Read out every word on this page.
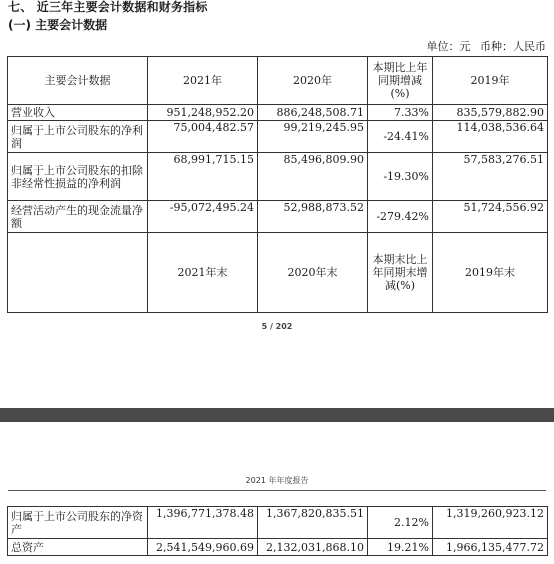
七、 近三年主要会计数据和财务指标
(一) 主要会计数据
单位：元 币种：人民币
主要会计数据	2021年	2020年	本期比上年同期增减(%)	2019年
营业收入	951,248,952.20	886,248,508.71	7.33%	835,579,882.90
归属于上市公司股东的净利润	75,004,482.57	99,219,245.95	-24.41%	114,038,536.64
归属于上市公司股东的扣除非经常性损益的净利润	68,991,715.15	85,496,809.90	-19.30%	57,583,276.51
经营活动产生的现金流量净额	-95,072,495.24	52,988,873.52	-279.42%	51,724,556.92
	2021年末	2020年末	本期末比上年同期末增减(%)	2019年末
5 / 202
2021 年年度报告
归属于上市公司股东的净资产	1,396,771,378.48	1,367,820,835.51	2.12%	1,319,260,923.12
总资产	2,541,549,960.69	2,132,031,868.10	19.21%	1,966,135,477.72
